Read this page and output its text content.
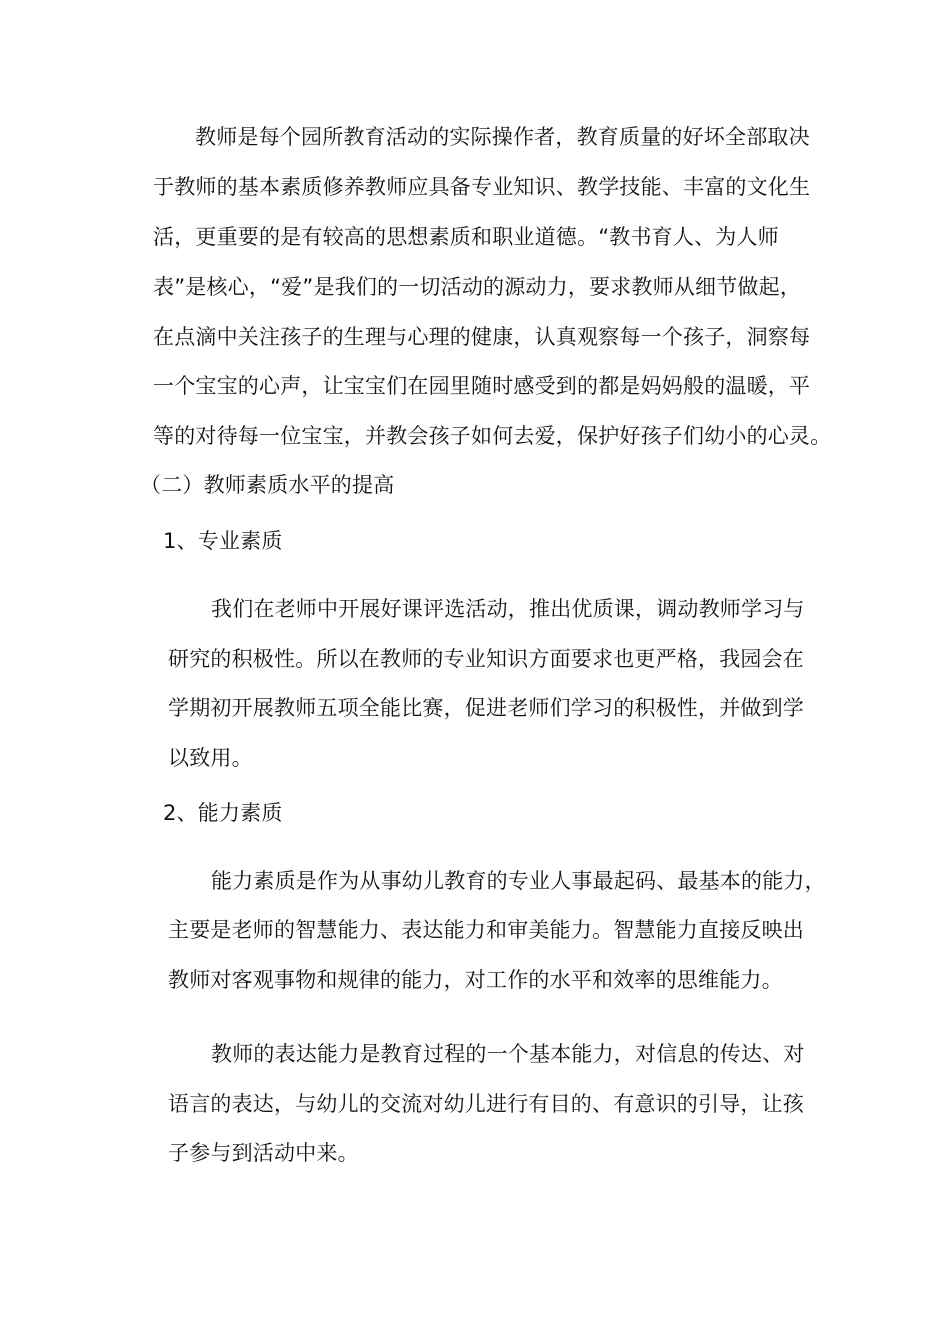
教师是每个园所教育活动的实际操作者，教育质量的好坏全部取决
于教师的基本素质修养教师应具备专业知识、教学技能、丰富的文化生
活，更重要的是有较高的思想素质和职业道德。“教书育人、为人师
表”是核心，“爱”是我们的一切活动的源动力，要求教师从细节做起，
在点滴中关注孩子的生理与心理的健康，认真观察每一个孩子，洞察每
一个宝宝的心声，让宝宝们在园里随时感受到的都是妈妈般的温暖，平
等的对待每一位宝宝，并教会孩子如何去爱，保护好孩子们幼小的心灵。
（二）教师素质水平的提高
1、专业素质
我们在老师中开展好课评选活动，推出优质课，调动教师学习与
研究的积极性。所以在教师的专业知识方面要求也更严格，我园会在
学期初开展教师五项全能比赛，促进老师们学习的积极性，并做到学
以致用。
2、能力素质
能力素质是作为从事幼儿教育的专业人事最起码、最基本的能力，
主要是老师的智慧能力、表达能力和审美能力。智慧能力直接反映出
教师对客观事物和规律的能力，对工作的水平和效率的思维能力。
教师的表达能力是教育过程的一个基本能力，对信息的传达、对
语言的表达，与幼儿的交流对幼儿进行有目的、有意识的引导，让孩
子参与到活动中来。
